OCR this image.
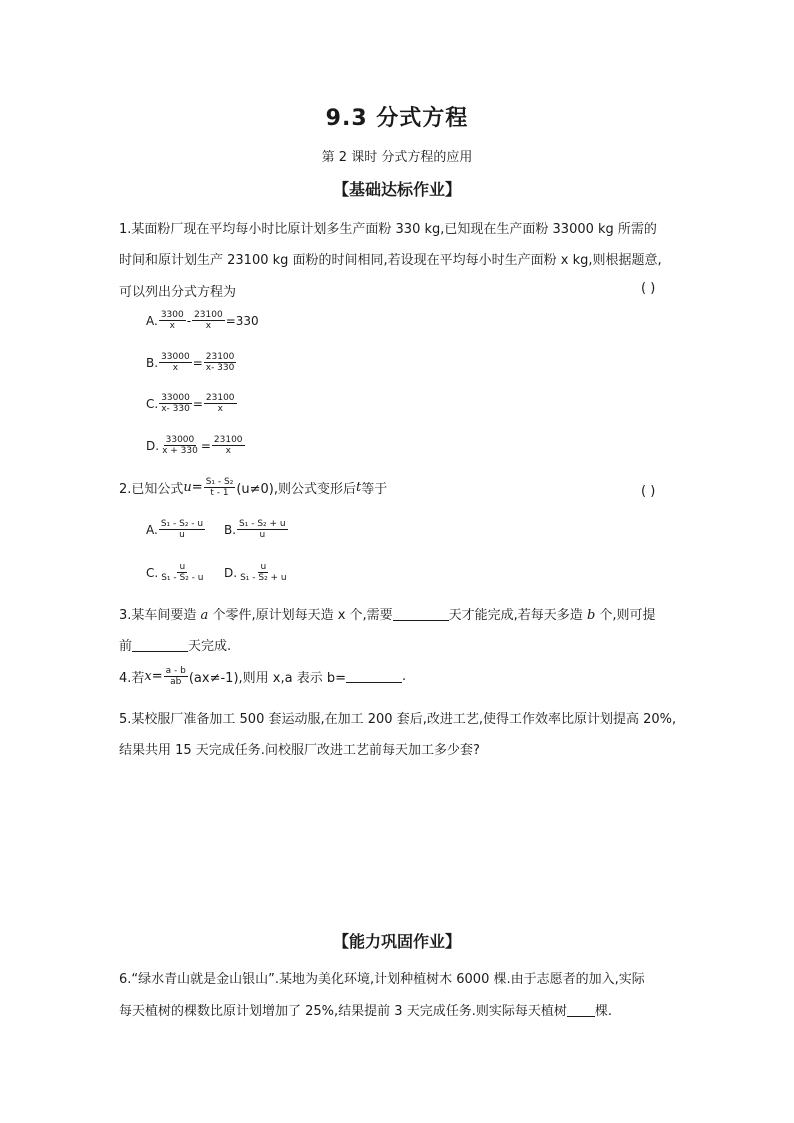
9.3 分式方程
第 2 课时 分式方程的应用
【基础达标作业】
1.某面粉厂现在平均每小时比原计划多生产面粉 330 kg,已知现在生产面粉 33000 kg 所需的
时间和原计划生产 23100 kg 面粉的时间相同,若设现在平均每小时生产面粉 x kg,则根据题意,
可以列出分式方程为	( )
A. $\frac{3300}{x} - \frac{23100}{x} =330$
B. $\frac{33000}{x} = \frac{23100}{x- 330}$
C. $\frac{33000}{x- 330} = \frac{23100}{x}$
D. $\frac{33000}{x + 330} = \frac{23100}{x}$
2.已知公式 $u = \frac{\text{S₁ - S₂}}{t - 1} (u\ne 0)$,则公式变形后 t 等于	( )
A. $\frac{\text{S₁ - S₂ - u}}{u} B$. $\frac{\text{S₁ - S₂ + u}}{u}$
C. $\frac{u}{\text{S₁ - S₂ - u}} D$. $\frac{u}{\text{S₁ - S₂ + u}}$
3.某车间要造 a 个零件,原计划每天造 x 个,需要	天才能完成,若每天多造 b 个,则可提
前	天完成.
4.若 $x = \frac{a - b}{ab} (ax\ne-1)$,则用 x,a 表示 b=	.
5.某校服厂准备加工 500 套运动服,在加工 200 套后,改进工艺,使得工作效率比原计划提高 20%,
结果共用 15 天完成任务.问校服厂改进工艺前每天加工多少套?
【能力巩固作业】
6.“绿水青山就是金山银山”.某地为美化环境,计划种植树木 6000 棵.由于志愿者的加入,实际
每天植树的棵数比原计划增加了 25%,结果提前 3 天完成任务.则实际每天植树 棵.
